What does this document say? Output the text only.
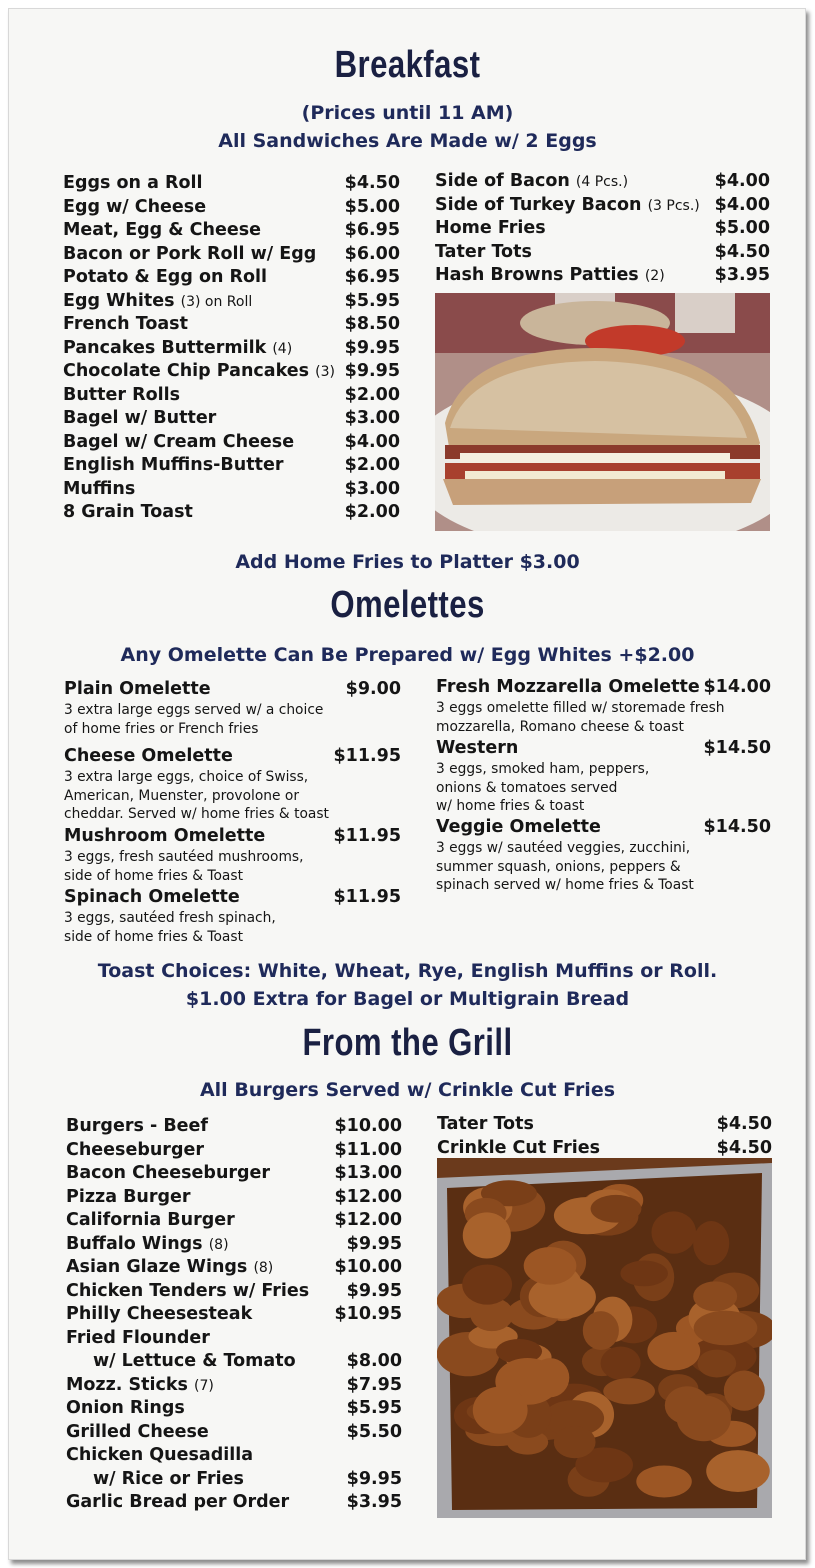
Breakfast
(Prices until 11 AM)
All Sandwiches Are Made w/ 2 Eggs
Eggs on a Roll	$4.50
Egg w/ Cheese	$5.00
Meat, Egg & Cheese	$6.95
Bacon or Pork Roll w/ Egg $6.00
Potato & Egg on Roll	$6.95
Egg Whites (3) on Roll	$5.95
French Toast	$8.50
Pancakes Buttermilk (4)	$9.95
Chocolate Chip Pancakes (3) $9.95
Butter Rolls	$2.00
Bagel w/ Butter	$3.00
Bagel w/ Cream Cheese	$4.00
English Muffins-Butter	$2.00
Muffins	$3.00
8 Grain Toast	$2.00
Side of Bacon (4 Pcs.)	$4.00
Side of Turkey Bacon (3 Pcs.) $4.00
Home Fries	$5.00
Tater Tots	$4.50
Hash Browns Patties (2)	$3.95
Add Home Fries to Platter $3.00
Omelettes
Any Omelette Can Be Prepared w/ Egg Whites +$2.00
Plain Omelette	$9.00
3 extra large eggs served w/ a choice
of home fries or French fries
Cheese Omelette	$11.95
3 extra large eggs, choice of Swiss,
American, Muenster, provolone or
cheddar. Served w/ home fries & toast
Mushroom Omelette	$11.95
3 eggs, fresh sautéed mushrooms,
side of home fries & Toast
Spinach Omelette	$11.95
3 eggs, sautéed fresh spinach,
side of home fries & Toast
Fresh Mozzarella Omelette $14.00
3 eggs omelette filled w/ storemade fresh
mozzarella, Romano cheese & toast
Western	$14.50
3 eggs, smoked ham, peppers,
onions & tomatoes served
w/ home fries & toast
Veggie Omelette	$14.50
3 eggs w/ sautéed veggies, zucchini,
summer squash, onions, peppers &
spinach served w/ home fries & Toast
Toast Choices: White, Wheat, Rye, English Muffins or Roll.
$1.00 Extra for Bagel or Multigrain Bread
From the Grill
All Burgers Served w/ Crinkle Cut Fries
Burgers - Beef	$10.00
Cheeseburger	$11.00
Bacon Cheeseburger	$13.00
Pizza Burger	$12.00
California Burger	$12.00
Buffalo Wings (8)	$9.95
Asian Glaze Wings (8)	$10.00
Chicken Tenders w/ Fries $9.95
Philly Cheesesteak	$10.95
Fried Flounder
w/ Lettuce & Tomato	$8.00
Mozz. Sticks (7)	$7.95
Onion Rings	$5.95
Grilled Cheese	$5.50
Chicken Quesadilla
w/ Rice or Fries	$9.95
Garlic Bread per Order	$3.95
Tater Tots	$4.50
Crinkle Cut Fries	$4.50
